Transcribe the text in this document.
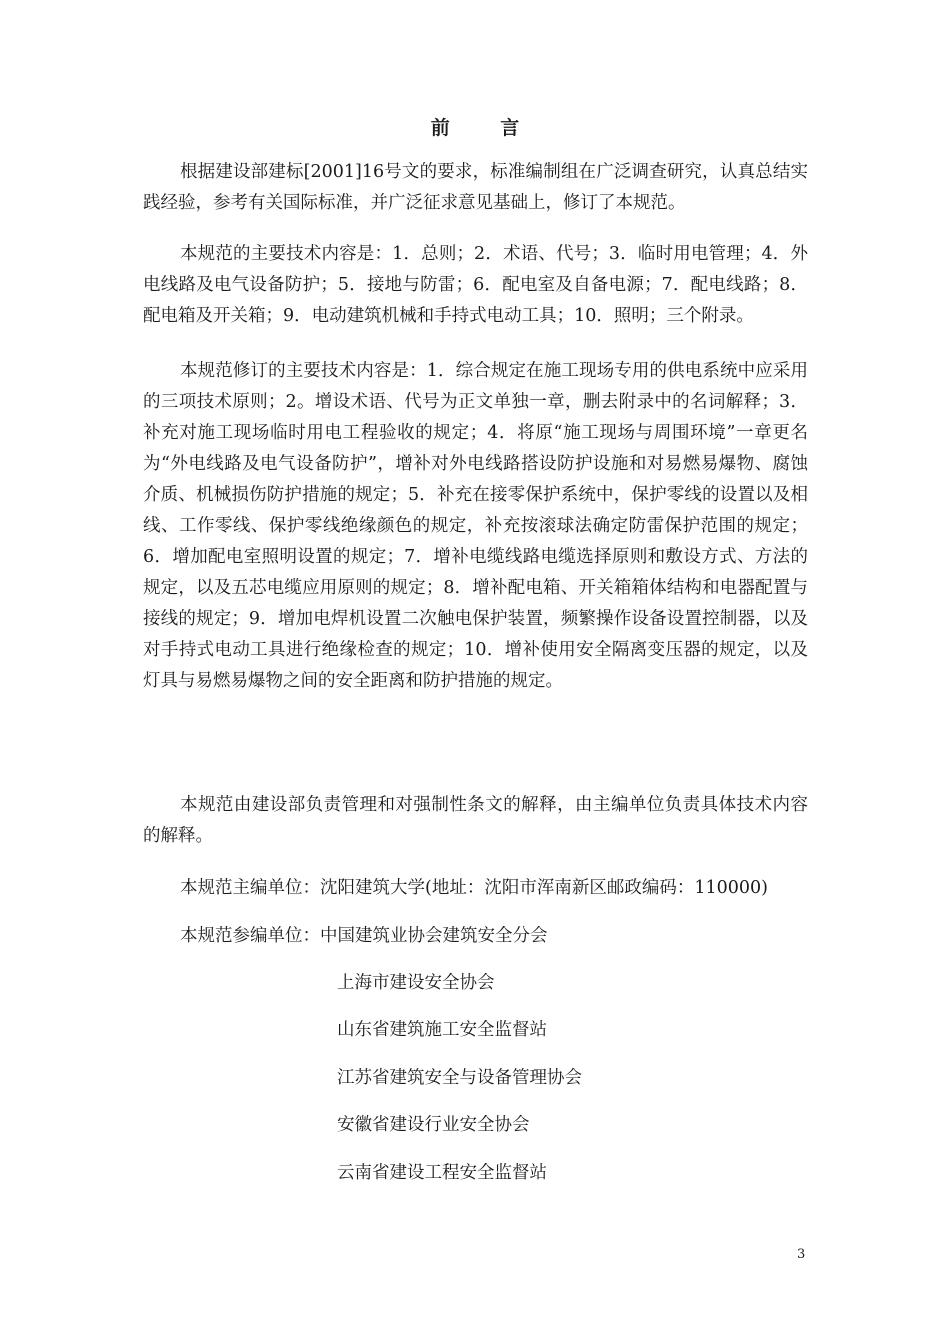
前 言

根据建设部建标[2001]16号文的要求，标准编制组在广泛调查研究，认真总结实践经验，参考有关国际标准，并广泛征求意见基础上，修订了本规范。

本规范的主要技术内容是：1．总则；2．术语、代号；3．临时用电管理；4．外电线路及电气设备防护；5．接地与防雷；6．配电室及自备电源；7．配电线路；8．配电箱及开关箱；9．电动建筑机械和手持式电动工具；10．照明；三个附录。

本规范修订的主要技术内容是：1．综合规定在施工现场专用的供电系统中应采用的三项技术原则；2。增设术语、代号为正文单独一章，删去附录中的名词解释；3．补充对施工现场临时用电工程验收的规定；4．将原“施工现场与周围环境”一章更名为“外电线路及电气设备防护”，增补对外电线路搭设防护设施和对易燃易爆物、腐蚀介质、机械损伤防护措施的规定；5．补充在接零保护系统中，保护零线的设置以及相线、工作零线、保护零线绝缘颜色的规定，补充按滚球法确定防雷保护范围的规定；6．增加配电室照明设置的规定；7．增补电缆线路电缆选择原则和敷设方式、方法的规定，以及五芯电缆应用原则的规定；8．增补配电箱、开关箱箱体结构和电器配置与接线的规定；9．增加电焊机设置二次触电保护装置，频繁操作设备设置控制器，以及对手持式电动工具进行绝缘检查的规定；10．增补使用安全隔离变压器的规定，以及灯具与易燃易爆物之间的安全距离和防护措施的规定。

本规范由建设部负责管理和对强制性条文的解释，由主编单位负责具体技术内容的解释。

本规范主编单位：沈阳建筑大学(地址：沈阳市浑南新区邮政编码：110000)

本规范参编单位： 中国建筑业协会建筑安全分会

上海市建设安全协会

山东省建筑施工安全监督站

江苏省建筑安全与设备管理协会

安徽省建设行业安全协会

云南省建设工程安全监督站

3
